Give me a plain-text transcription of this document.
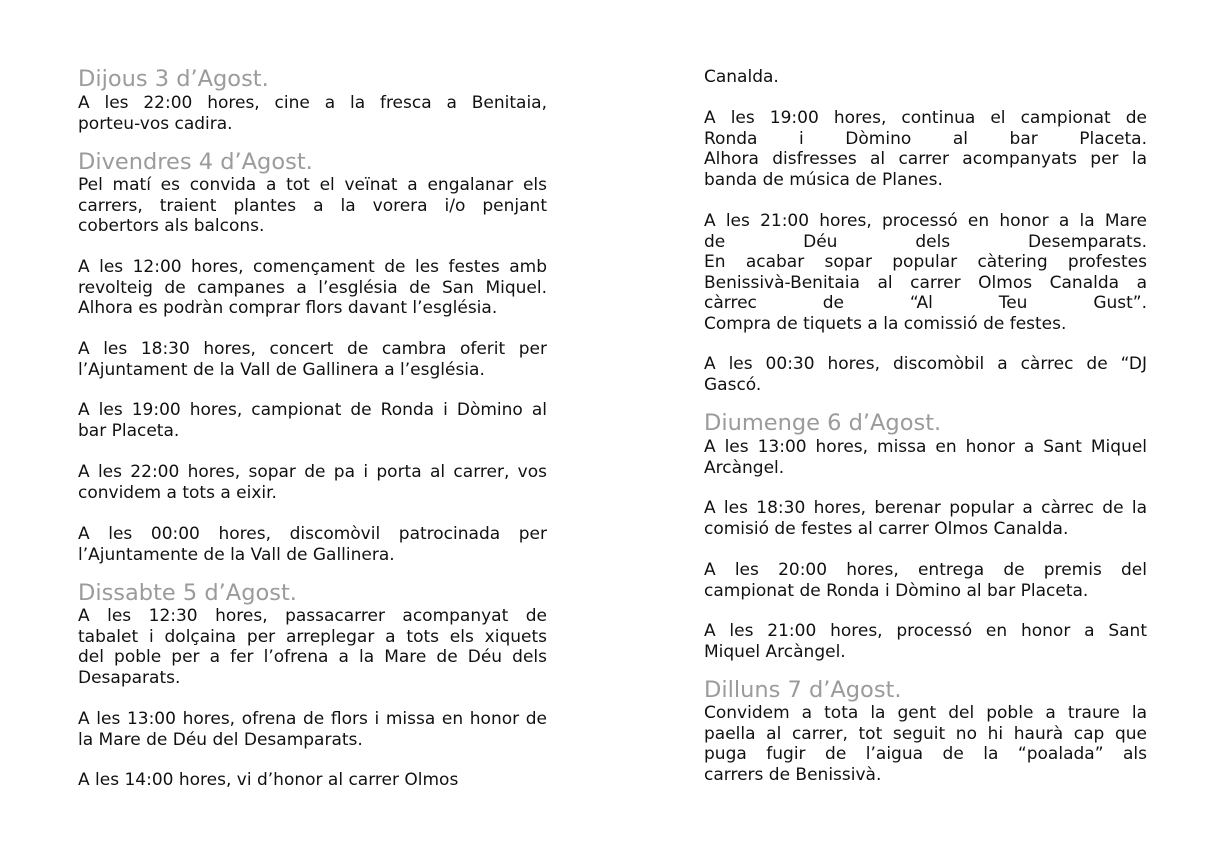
Dijous 3 d’Agost.
A les 22:00 hores, cine a la fresca a Benitaia,
porteu-vos cadira.
Divendres 4 d’Agost.
Pel matí es convida a tot el veïnat a engalanar els
carrers, traient plantes a la vorera i/o penjant
cobertors als balcons.
A les 12:00 hores, començament de les festes amb
revolteig de campanes a l’església de San Miquel.
Alhora es podràn comprar flors davant l’església.
A les 18:30 hores, concert de cambra oferit per
l’Ajuntament de la Vall de Gallinera a l’església.
A les 19:00 hores, campionat de Ronda i Dòmino al
bar Placeta.
A les 22:00 hores, sopar de pa i porta al carrer, vos
convidem a tots a eixir.
A les 00:00 hores, discomòvil patrocinada per
l’Ajuntamente de la Vall de Gallinera.
Dissabte 5 d’Agost.
A les 12:30 hores, passacarrer acompanyat de
tabalet i dolçaina per arreplegar a tots els xiquets
del poble per a fer l’ofrena a la Mare de Déu dels
Desaparats.
A les 13:00 hores, ofrena de flors i missa en honor de
la Mare de Déu del Desamparats.
A les 14:00 hores, vi d’honor al carrer Olmos
Canalda.
A les 19:00 hores, continua el campionat de
Ronda i Dòmino al bar Placeta.
Alhora disfresses al carrer acompanyats per la
banda de música de Planes.
A les 21:00 hores, processó en honor a la Mare
de Déu dels Desemparats.
En acabar sopar popular càtering profestes
Benissivà-Benitaia al carrer Olmos Canalda a
càrrec de “Al Teu Gust”.
Compra de tiquets a la comissió de festes.
A les 00:30 hores, discomòbil a càrrec de “DJ
Gascó.
Diumenge 6 d’Agost.
A les 13:00 hores, missa en honor a Sant Miquel
Arcàngel.
A les 18:30 hores, berenar popular a càrrec de la
comisió de festes al carrer Olmos Canalda.
A les 20:00 hores, entrega de premis del
campionat de Ronda i Dòmino al bar Placeta.
A les 21:00 hores, processó en honor a Sant
Miquel Arcàngel.
Dilluns 7 d’Agost.
Convidem a tota la gent del poble a traure la
paella al carrer, tot seguit no hi haurà cap que
puga fugir de l’aigua de la “poalada” als
carrers de Benissivà.
